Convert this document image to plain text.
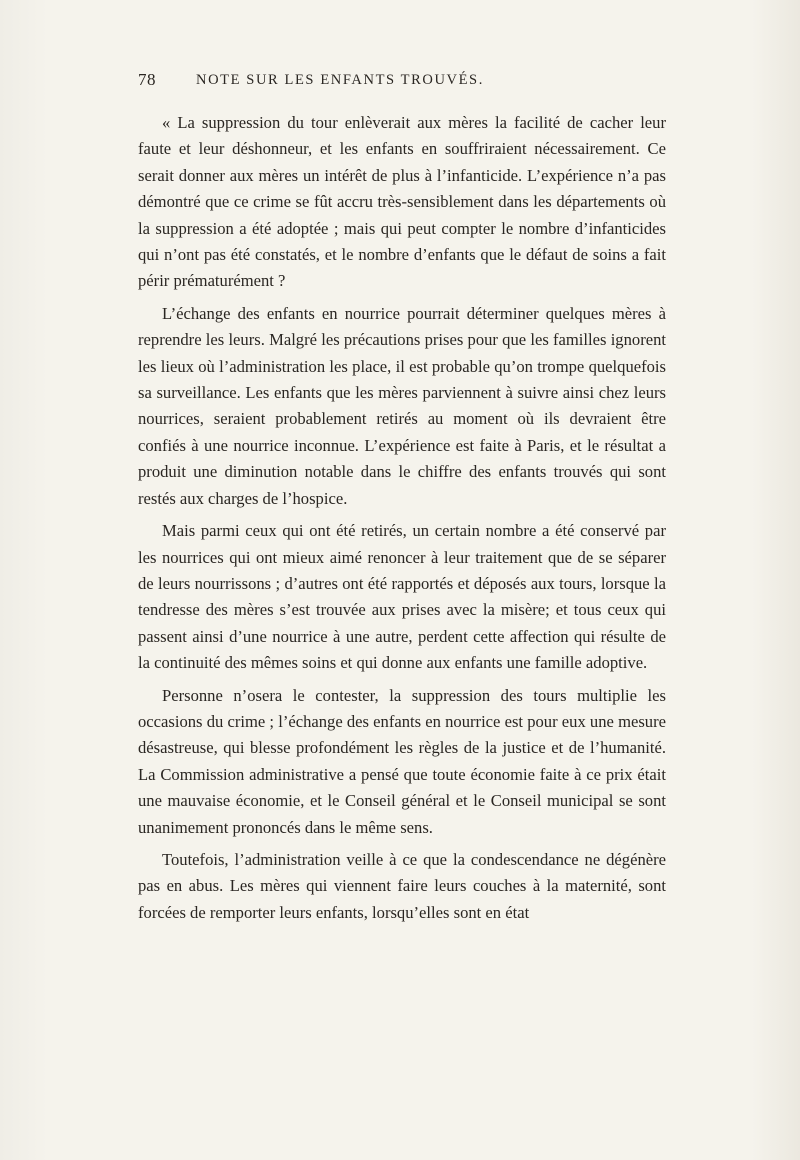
78	NOTE SUR LES ENFANTS TROUVÉS.

« La suppression du tour enlèverait aux mères la facilité de cacher leur faute et leur déshonneur, et les enfants en souffriraient nécessairement. Ce serait donner aux mères un intérêt de plus à l’infanticide. L’expérience n’a pas démontré que ce crime se fût accru très-sensiblement dans les départements où la suppression a été adoptée ; mais qui peut compter le nombre d’infanticides qui n’ont pas été constatés, et le nombre d’enfants que le défaut de soins a fait périr prématurément ?

L’échange des enfants en nourrice pourrait déterminer quelques mères à reprendre les leurs. Malgré les précautions prises pour que les familles ignorent les lieux où l’administration les place, il est probable qu’on trompe quelquefois sa surveillance. Les enfants que les mères parviennent à suivre ainsi chez leurs nourrices, seraient probablement retirés au moment où ils devraient être confiés à une nourrice inconnue. L’expérience est faite à Paris, et le résultat a produit une diminution notable dans le chiffre des enfants trouvés qui sont restés aux charges de l’hospice.

Mais parmi ceux qui ont été retirés, un certain nombre a été conservé par les nourrices qui ont mieux aimé renoncer à leur traitement que de se séparer de leurs nourrissons ; d’autres ont été rapportés et déposés aux tours, lorsque la tendresse des mères s’est trouvée aux prises avec la misère; et tous ceux qui passent ainsi d’une nourrice à une autre, perdent cette affection qui résulte de la continuité des mêmes soins et qui donne aux enfants une famille adoptive.

Personne n’osera le contester, la suppression des tours multiplie les occasions du crime ; l’échange des enfants en nourrice est pour eux une mesure désastreuse, qui blesse profondément les règles de la justice et de l’humanité. La Commission administrative a pensé que toute économie faite à ce prix était une mauvaise économie, et le Conseil général et le Conseil municipal se sont unanimement prononcés dans le même sens.

Toutefois, l’administration veille à ce que la condescendance ne dégénère pas en abus. Les mères qui viennent faire leurs couches à la maternité, sont forcées de remporter leurs enfants, lorsqu’elles sont en état
